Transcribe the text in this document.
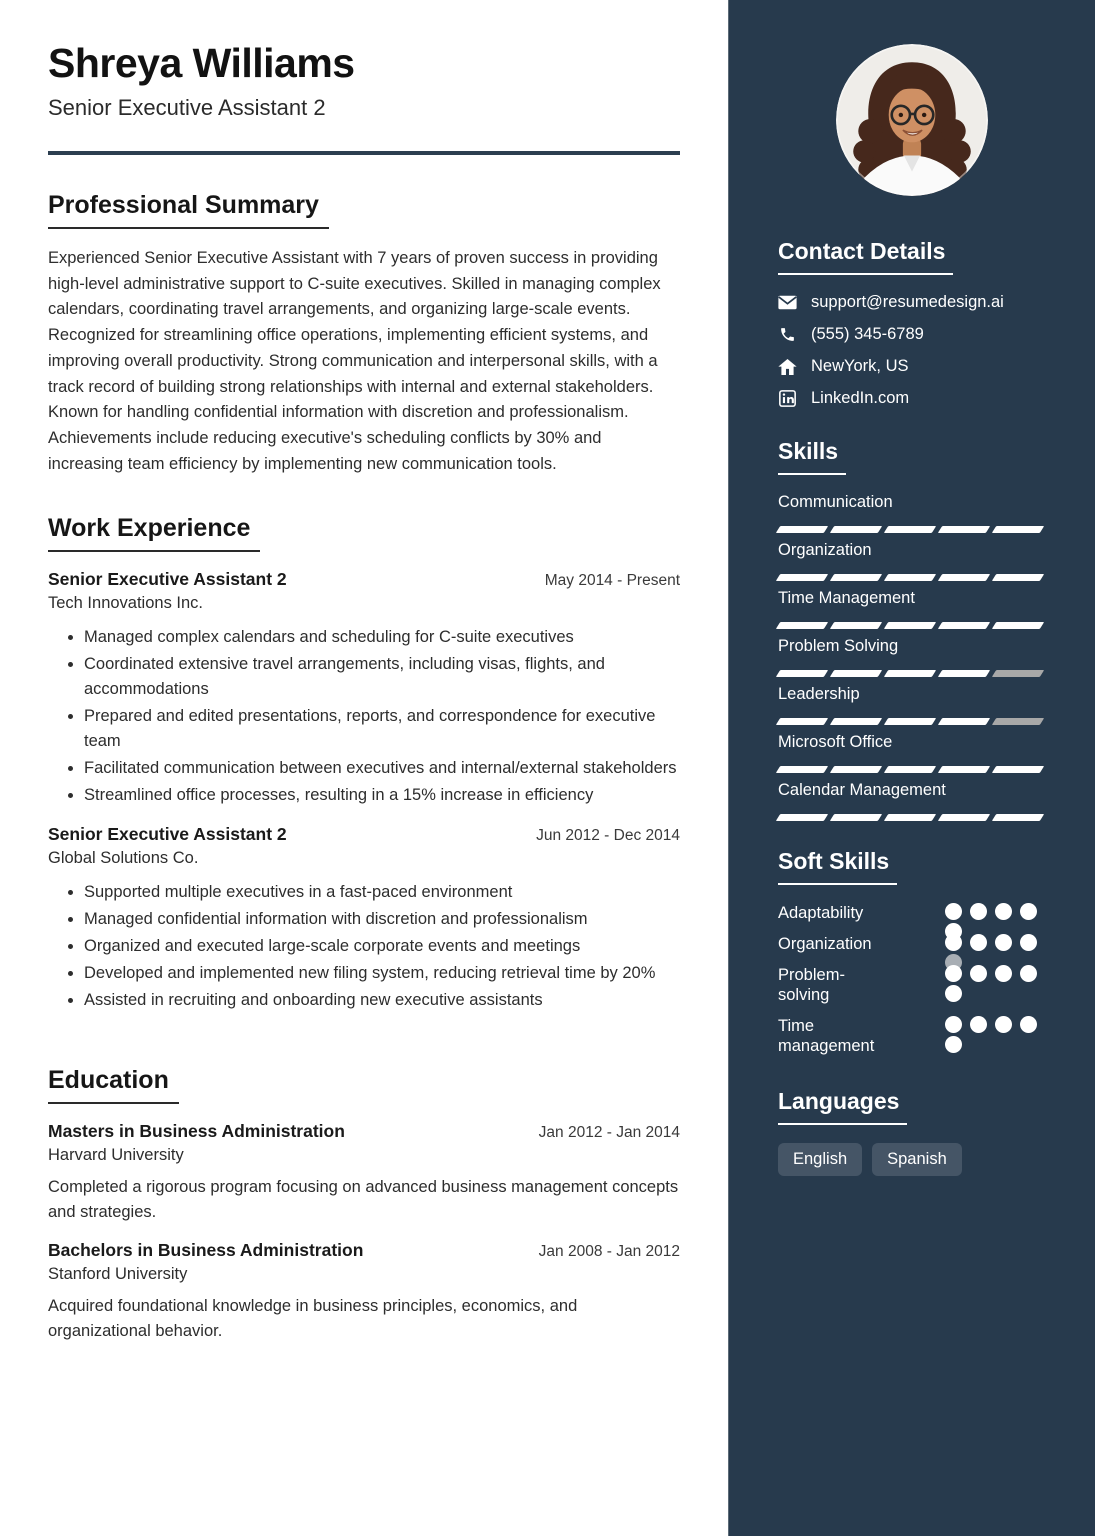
Shreya Williams
Senior Executive Assistant 2
Professional Summary

Experienced Senior Executive Assistant with 7 years of proven success in providing high-level administrative support to C-suite executives. Skilled in managing complex calendars, coordinating travel arrangements, and organizing large-scale events. Recognized for streamlining office operations, implementing efficient systems, and improving overall productivity. Strong communication and interpersonal skills, with a track record of building strong relationships with internal and external stakeholders. Known for handling confidential information with discretion and professionalism. Achievements include reducing executive's scheduling conflicts by 30% and increasing team efficiency by implementing new communication tools.

Work Experience
Senior Executive Assistant 2	May 2014 - Present
Tech Innovations Inc.
• Managed complex calendars and scheduling for C-suite executives
• Coordinated extensive travel arrangements, including visas, flights, and accommodations
• Prepared and edited presentations, reports, and correspondence for executive team
• Facilitated communication between executives and internal/external stakeholders
• Streamlined office processes, resulting in a 15% increase in efficiency
Senior Executive Assistant 2	Jun 2012 - Dec 2014
Global Solutions Co.
• Supported multiple executives in a fast-paced environment
• Managed confidential information with discretion and professionalism
• Organized and executed large-scale corporate events and meetings
• Developed and implemented new filing system, reducing retrieval time by 20%
• Assisted in recruiting and onboarding new executive assistants
Education
Masters in Business Administration	Jan 2012 - Jan 2014
Harvard University

Completed a rigorous program focusing on advanced business management concepts and strategies.

Bachelors in Business Administration	Jan 2008 - Jan 2012
Stanford University

Acquired foundational knowledge in business principles, economics, and organizational behavior.

Contact Details
support@resumedesign.ai
(555) 345-6789
NewYork, US
LinkedIn.com
Skills
Communication
Organization
Time Management
Problem Solving
Leadership
Microsoft Office
Calendar Management
Soft Skills
Adaptability
Organization
Problem-solving
Time management
Languages
English Spanish
